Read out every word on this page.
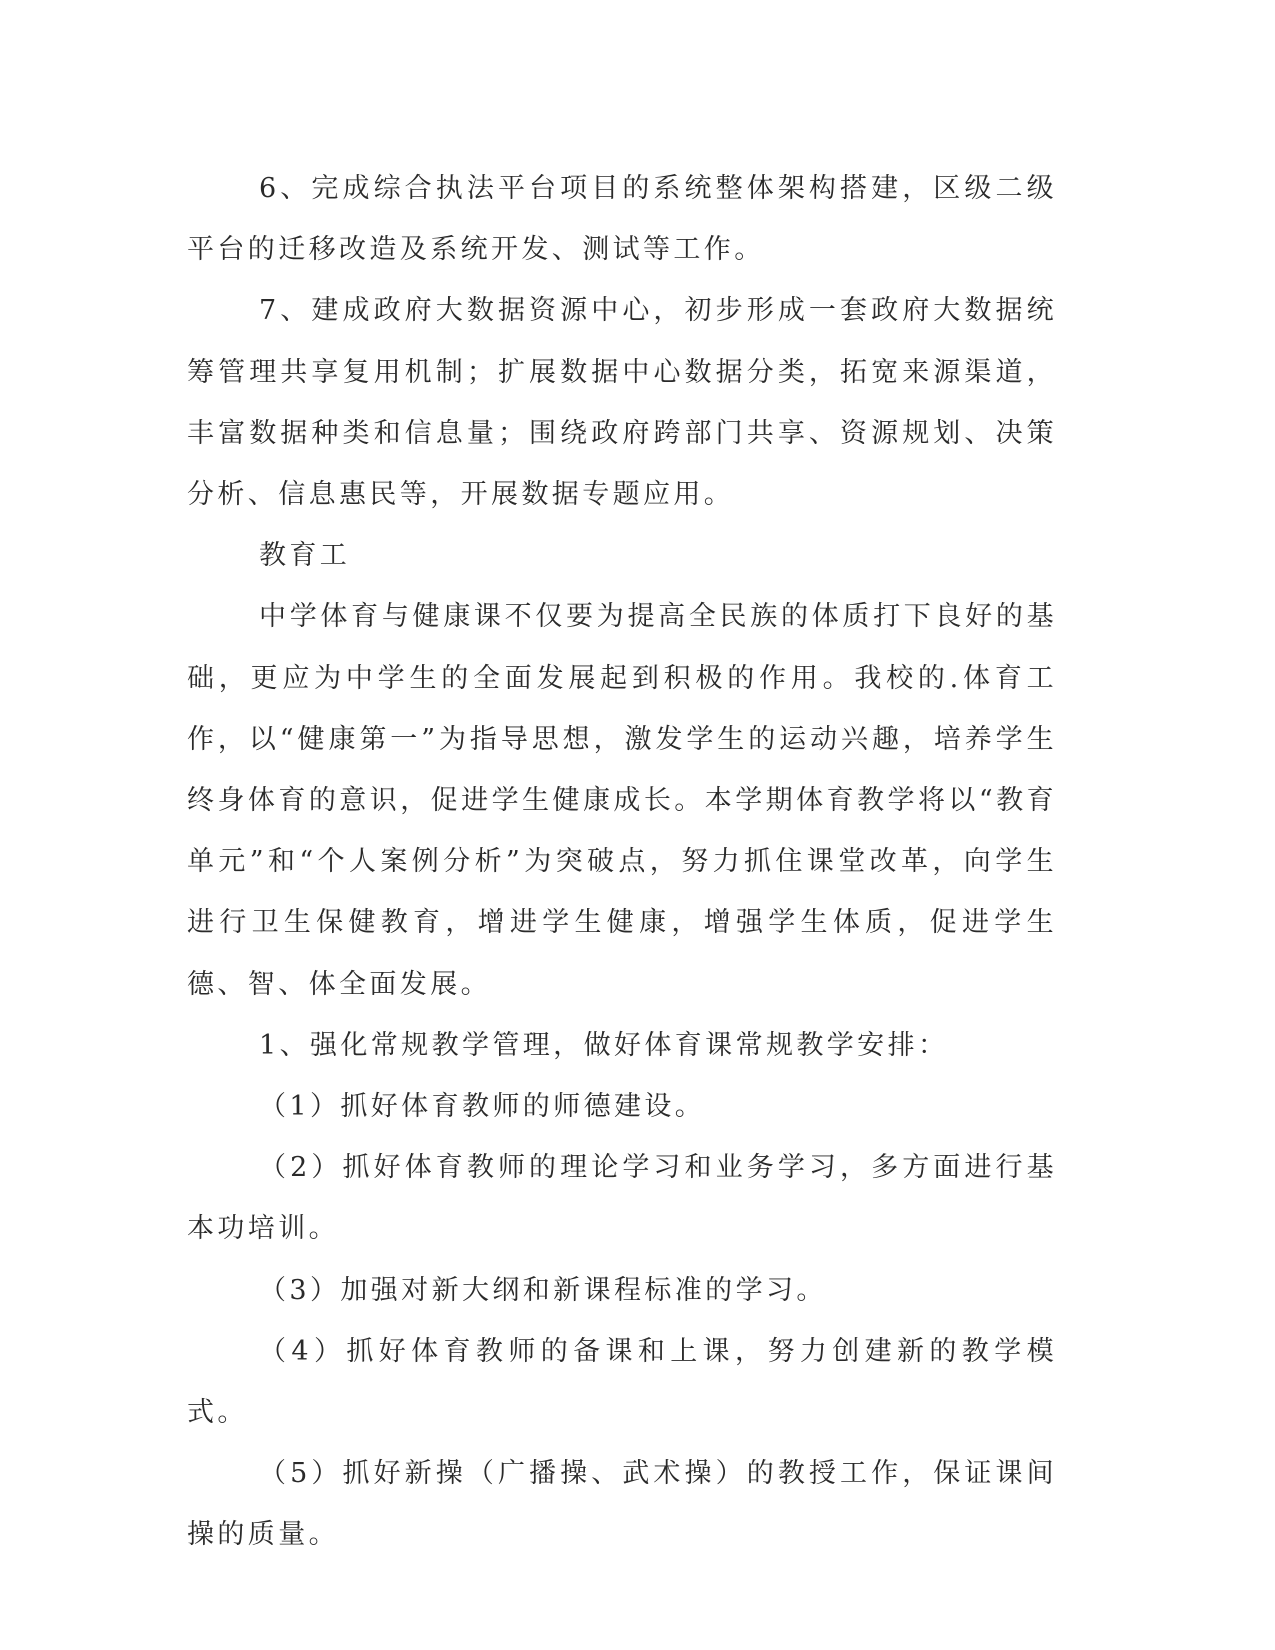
6、完成综合执法平台项目的系统整体架构搭建，区级二级平台的迁移改造及系统开发、测试等工作。

7、建成政府大数据资源中心，初步形成一套政府大数据统筹管理共享复用机制；扩展数据中心数据分类，拓宽来源渠道，丰富数据种类和信息量；围绕政府跨部门共享、资源规划、决策分析、信息惠民等，开展数据专题应用。

教育工

中学体育与健康课不仅要为提高全民族的体质打下良好的基础，更应为中学生的全面发展起到积极的作用。我校的.体育工作，以“健康第一”为指导思想，激发学生的运动兴趣，培养学生终身体育的意识，促进学生健康成长。本学期体育教学将以“教育单元”和“个人案例分析”为突破点，努力抓住课堂改革，向学生进行卫生保健教育，增进学生健康，增强学生体质，促进学生德、智、体全面发展。

1、强化常规教学管理，做好体育课常规教学安排：

（1）抓好体育教师的师德建设。

（2）抓好体育教师的理论学习和业务学习，多方面进行基本功培训。

（3）加强对新大纲和新课程标准的学习。

（4）抓好体育教师的备课和上课，努力创建新的教学模式。

（5）抓好新操（广播操、武术操）的教授工作，保证课间操的质量。
